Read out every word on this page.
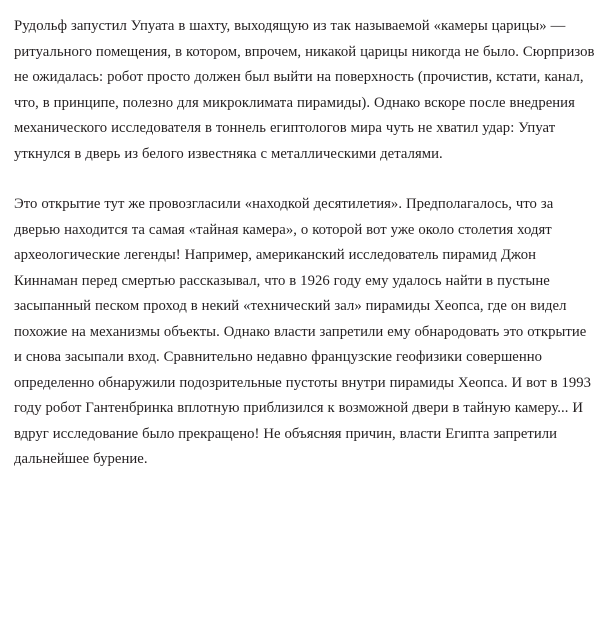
Рудольф запустил Упуата в шахту, выходящую из так называемой «камеры царицы» — ритуального помещения, в котором, впрочем, никакой царицы никогда не было. Сюрпризов не ожидалась: робот просто должен был выйти на поверхность (прочистив, кстати, канал, что, в принципе, полезно для микроклимата пирамиды). Однако вскоре после внедрения механического исследователя в тоннель египтологов мира чуть не хватил удар: Упуат уткнулся в дверь из белого известняка с металлическими деталями.

Это открытие тут же провозгласили «находкой десятилетия». Предполагалось, что за дверью находится та самая «тайная камера», о которой вот уже около столетия ходят археологические легенды! Например, американский исследователь пирамид Джон Киннаман перед смертью рассказывал, что в 1926 году ему удалось найти в пустыне засыпанный песком проход в некий «технический зал» пирамиды Хеопса, где он видел похожие на механизмы объекты. Однако власти запретили ему обнародовать это открытие и снова засыпали вход. Сравнительно недавно французские геофизики совершенно определенно обнаружили подозрительные пустоты внутри пирамиды Хеопса. И вот в 1993 году робот Гантенбринка вплотную приблизился к возможной двери в тайную камеру... И вдруг исследование было прекращено! Не объясняя причин, власти Египта запретили дальнейшее бурение.
